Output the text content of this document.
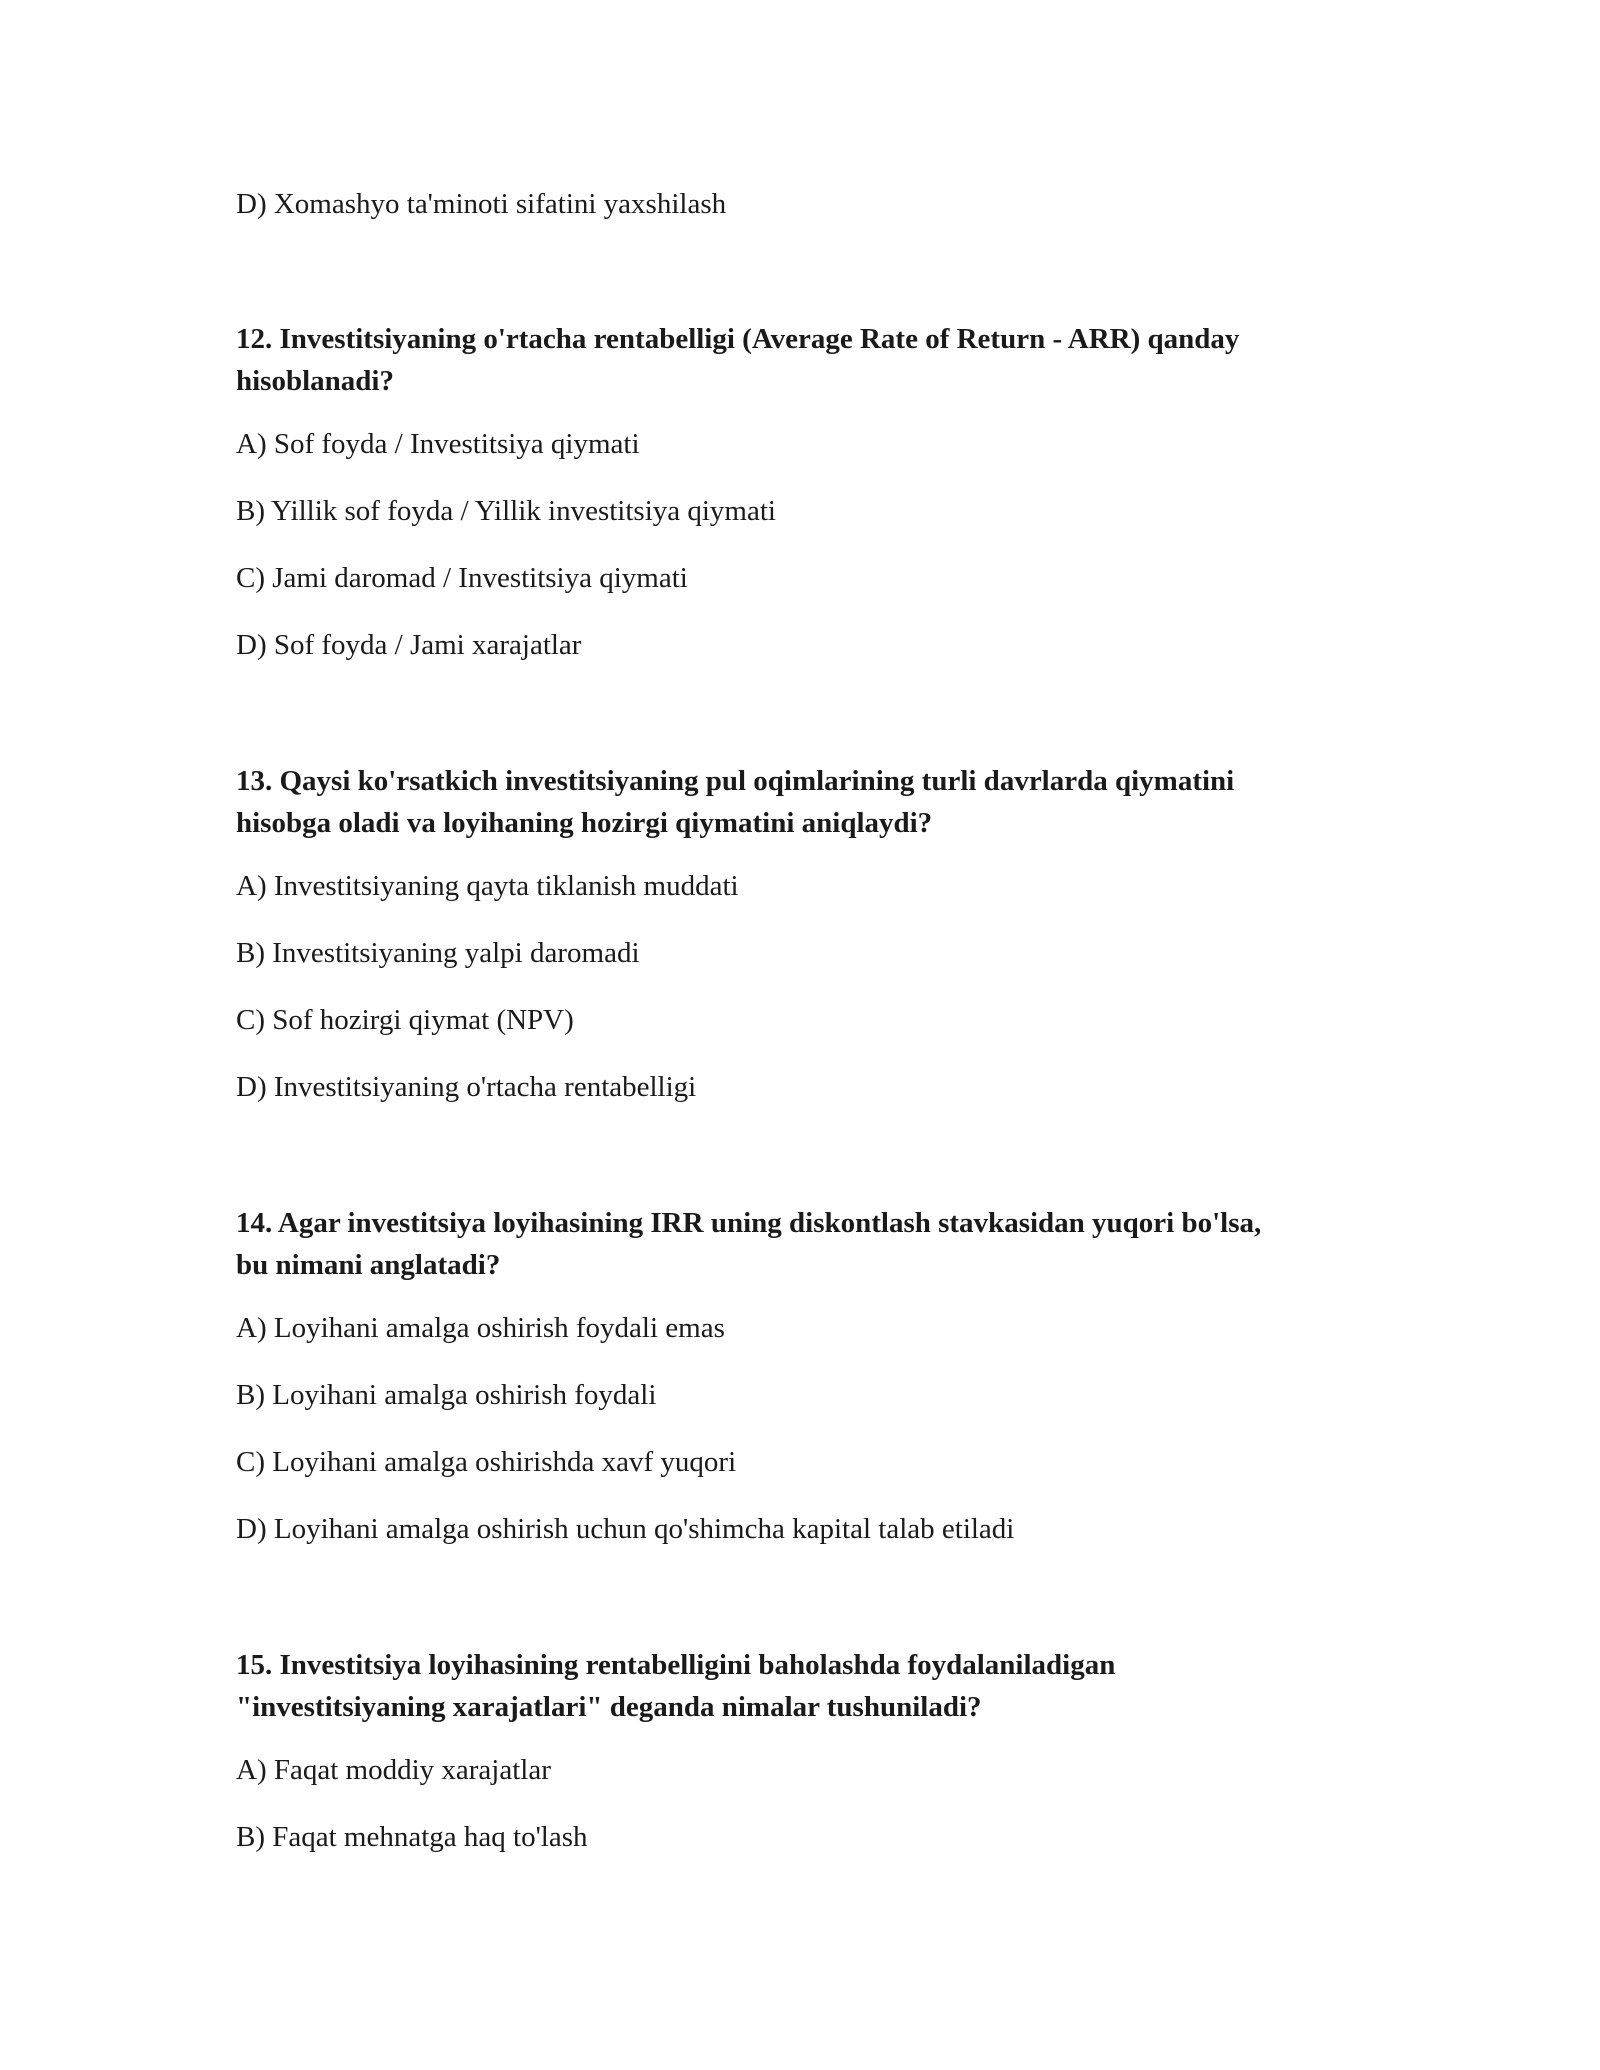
D) Xomashyo ta'minoti sifatini yaxshilash

12. Investitsiyaning o'rtacha rentabelligi (Average Rate of Return - ARR) qanday
hisoblanadi?

A) Sof foyda / Investitsiya qiymati

B) Yillik sof foyda / Yillik investitsiya qiymati

C) Jami daromad / Investitsiya qiymati

D) Sof foyda / Jami xarajatlar

13. Qaysi ko'rsatkich investitsiyaning pul oqimlarining turli davrlarda qiymatini
hisobga oladi va loyihaning hozirgi qiymatini aniqlaydi?

A) Investitsiyaning qayta tiklanish muddati

B) Investitsiyaning yalpi daromadi

C) Sof hozirgi qiymat (NPV)

D) Investitsiyaning o'rtacha rentabelligi

14. Agar investitsiya loyihasining IRR uning diskontlash stavkasidan yuqori bo'lsa,
bu nimani anglatadi?

A) Loyihani amalga oshirish foydali emas

B) Loyihani amalga oshirish foydali

C) Loyihani amalga oshirishda xavf yuqori

D) Loyihani amalga oshirish uchun qo'shimcha kapital talab etiladi

15. Investitsiya loyihasining rentabelligini baholashda foydalaniladigan
"investitsiyaning xarajatlari" deganda nimalar tushuniladi?

A) Faqat moddiy xarajatlar

B) Faqat mehnatga haq to'lash
